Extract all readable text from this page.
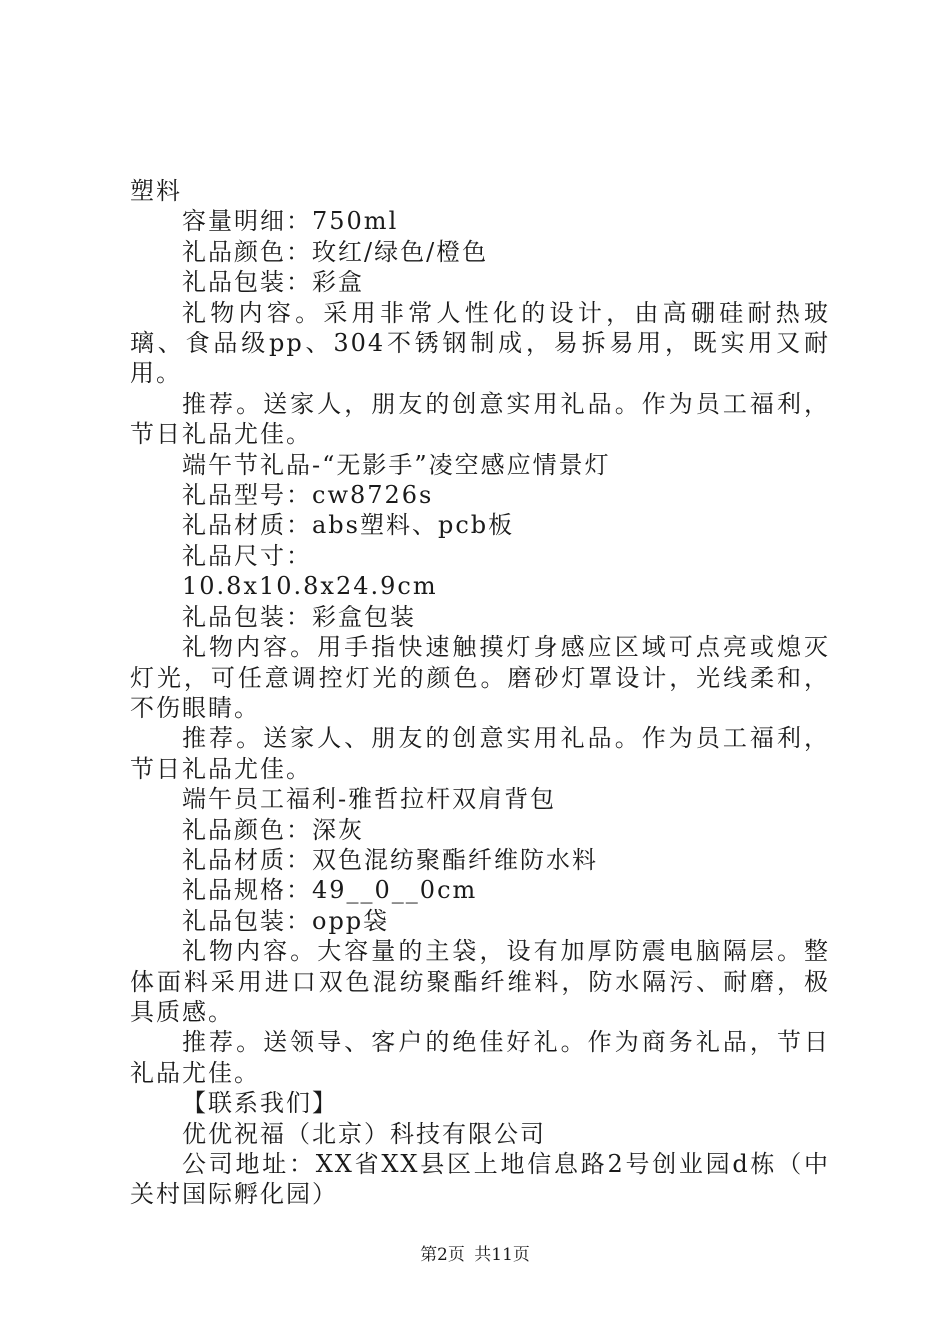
塑料

容量明细：750ml

礼品颜色：玫红/绿色/橙色

礼品包装：彩盒

礼物内容。采用非常人性化的设计，由高硼硅耐热玻璃、食品级pp、304不锈钢制成，易拆易用，既实用又耐用。

推荐。送家人，朋友的创意实用礼品。作为员工福利，节日礼品尤佳。

端午节礼品-“无影手”凌空感应情景灯

礼品型号：cw8726s

礼品材质：abs塑料、pcb板

礼品尺寸：

10.8x10.8x24.9cm

礼品包装：彩盒包装

礼物内容。用手指快速触摸灯身感应区域可点亮或熄灭灯光，可任意调控灯光的颜色。磨砂灯罩设计，光线柔和，不伤眼睛。

推荐。送家人、朋友的创意实用礼品。作为员工福利，节日礼品尤佳。

端午员工福利-雅哲拉杆双肩背包

礼品颜色：深灰

礼品材质：双色混纺聚酯纤维防水料

礼品规格：49__0__0cm

礼品包装：opp袋

礼物内容。大容量的主袋，设有加厚防震电脑隔层。整体面料采用进口双色混纺聚酯纤维料，防水隔污、耐磨，极具质感。

推荐。送领导、客户的绝佳好礼。作为商务礼品，节日礼品尤佳。

【联系我们】

优优祝福（北京）科技有限公司

公司地址：XX省XX县区上地信息路2号创业园d栋（中关村国际孵化园）

第2页 共11页
